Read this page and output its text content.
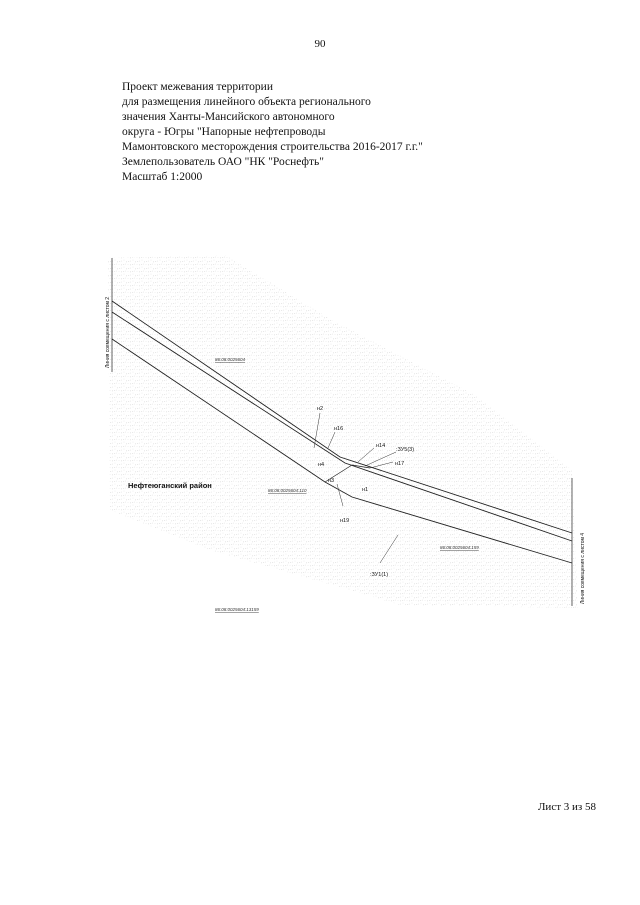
90
Проект межевания территории
для размещения линейного объекта регионального
значения Ханты-Мансийского автономного
округа - Югры "Напорные нефтепроводы
Мамонтовского месторождения строительства 2016-2017 г.г."
Землепользователь ОАО "НК "Роснефть"
Масштаб 1:2000
Линия совмещения с листом 2
Линия совмещения с листом 4
Нефтеюганский район
86:08:0025604
86:08:0025604:110
86:08:0025604:159
86:08:0025604:13159
н2
н16
н14
н4	н17
н3
н1
н19
:ЗУ5(3)
:ЗУ1(1)
Лист 3 из 58
